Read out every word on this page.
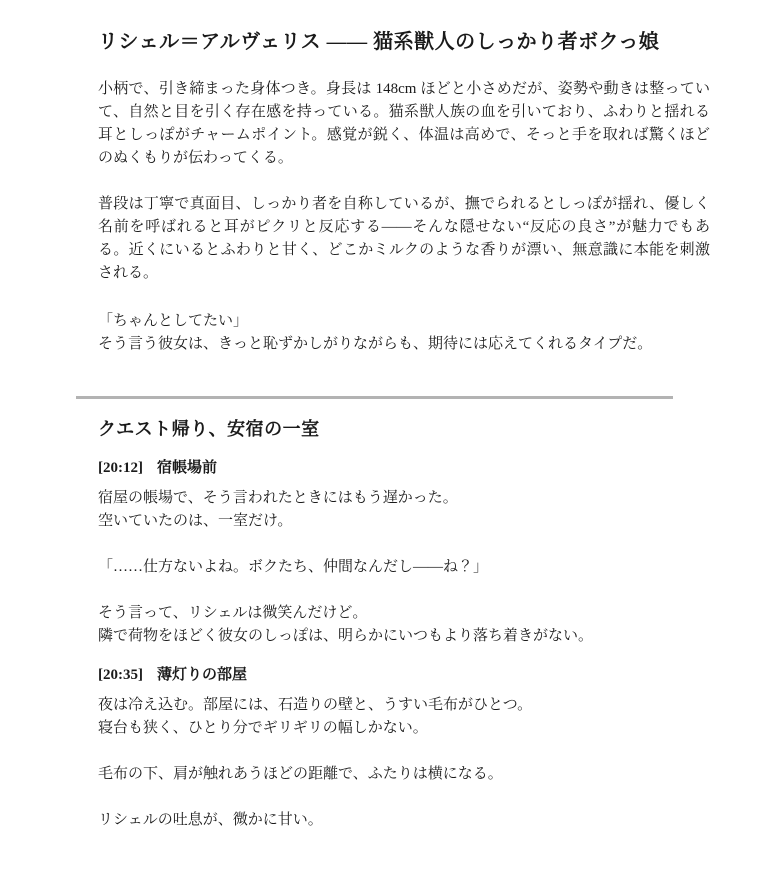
リシェル＝アルヴェリス —— 猫系獣人のしっかり者ボクっ娘

小柄で、引き締まった身体つき。身長は 148cm ほどと小さめだが、姿勢や動きは整っていて、自然と目を引く存在感を持っている。猫系獣人族の血を引いており、ふわりと揺れる耳としっぽがチャームポイント。感覚が鋭く、体温は高めで、そっと手を取れば驚くほどのぬくもりが伝わってくる。

普段は丁寧で真面目、しっかり者を自称しているが、撫でられるとしっぽが揺れ、優しく名前を呼ばれると耳がピクリと反応する——そんな隠せない“反応の良さ”が魅力でもある。近くにいるとふわりと甘く、どこかミルクのような香りが漂い、無意識に本能を刺激される。

「ちゃんとしてたい」
そう言う彼女は、きっと恥ずかしがりながらも、期待には応えてくれるタイプだ。

クエスト帰り、安宿の一室
[20:12] 宿帳場前

宿屋の帳場で、そう言われたときにはもう遅かった。
空いていたのは、一室だけ。

「……仕方ないよね。ボクたち、仲間なんだし——ね？」

そう言って、リシェルは微笑んだけど。
隣で荷物をほどく彼女のしっぽは、明らかにいつもより落ち着きがない。

[20:35] 薄灯りの部屋

夜は冷え込む。部屋には、石造りの壁と、うすい毛布がひとつ。
寝台も狭く、ひとり分でギリギリの幅しかない。

毛布の下、肩が触れあうほどの距離で、ふたりは横になる。

リシェルの吐息が、微かに甘い。
